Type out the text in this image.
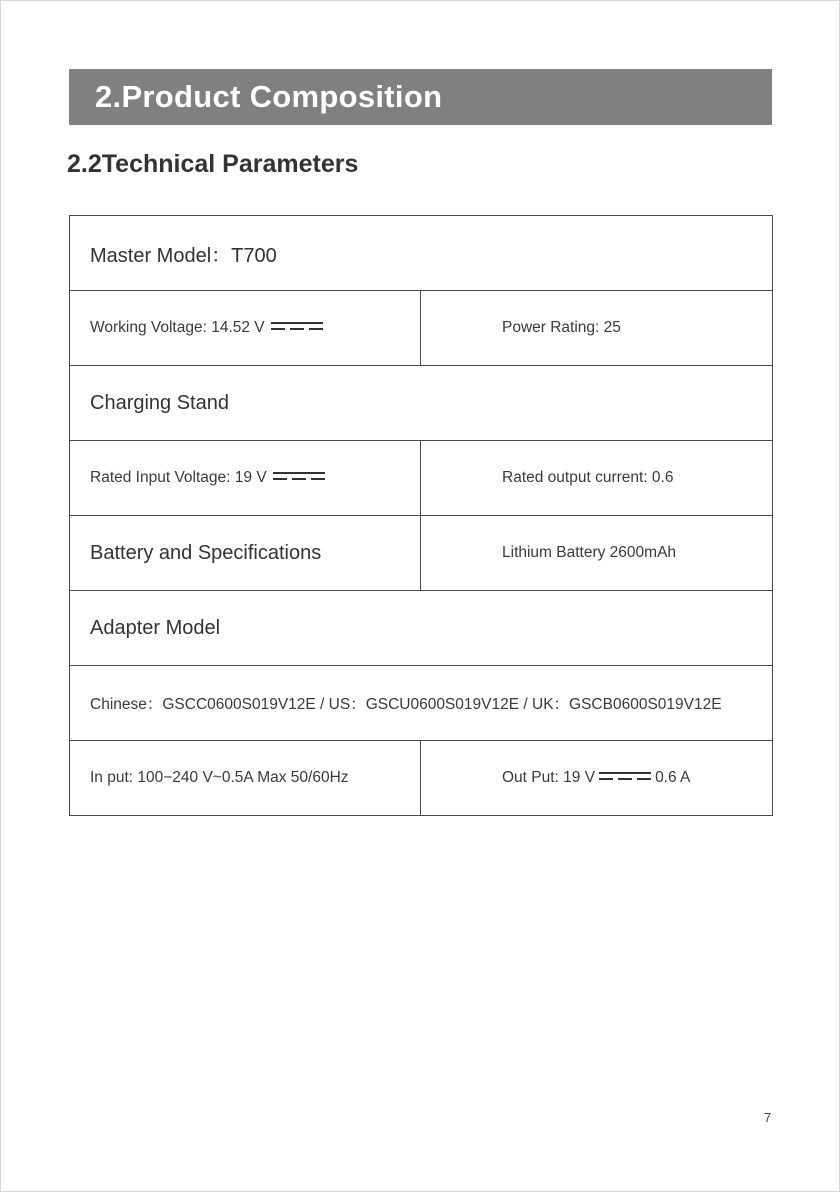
2.Product Composition
2.2Technical Parameters
Master Model：T700	
Working Voltage: 14.52 V	Power Rating: 25
Charging Stand	
Rated Input Voltage: 19 V	Rated output current: 0.6
Battery and Specifications	Lithium Battery 2600mAh
Adapter Model	
Chinese：GSCC0600S019V12E / US：GSCU0600S019V12E / UK：GSCB0600S019V12E	
In put: 100−240 V~0.5A Max 50/60Hz	Out Put: 19 V 0.6 A
7
